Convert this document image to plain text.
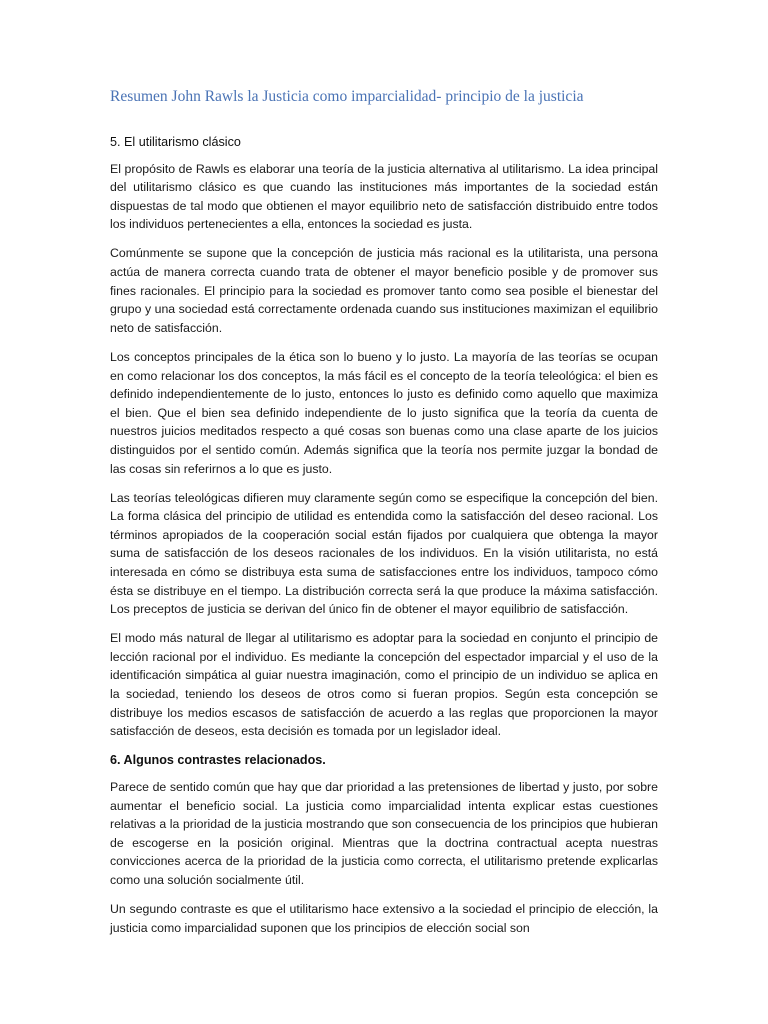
Resumen John Rawls la Justicia como imparcialidad- principio de la justicia
5. El utilitarismo clásico

El propósito de Rawls es elaborar una teoría de la justicia alternativa al utilitarismo. La idea principal del utilitarismo clásico es que cuando las instituciones más importantes de la sociedad están dispuestas de tal modo que obtienen el mayor equilibrio neto de satisfacción distribuido entre todos los individuos pertenecientes a ella, entonces la sociedad es justa.

Comúnmente se supone que la concepción de justicia más racional es la utilitarista, una persona actúa de manera correcta cuando trata de obtener el mayor beneficio posible y de promover sus fines racionales. El principio para la sociedad es promover tanto como sea posible el bienestar del grupo y una sociedad está correctamente ordenada cuando sus instituciones maximizan el equilibrio neto de satisfacción.

Los conceptos principales de la ética son lo bueno y lo justo. La mayoría de las teorías se ocupan en como relacionar los dos conceptos, la más fácil es el concepto de la teoría teleológica: el bien es definido independientemente de lo justo, entonces lo justo es definido como aquello que maximiza el bien. Que el bien sea definido independiente de lo justo significa que la teoría da cuenta de nuestros juicios meditados respecto a qué cosas son buenas como una clase aparte de los juicios distinguidos por el sentido común. Además significa que la teoría nos permite juzgar la bondad de las cosas sin referirnos a lo que es justo.

Las teorías teleológicas difieren muy claramente según como se especifique la concepción del bien. La forma clásica del principio de utilidad es entendida como la satisfacción del deseo racional. Los términos apropiados de la cooperación social están fijados por cualquiera que obtenga la mayor suma de satisfacción de los deseos racionales de los individuos. En la visión utilitarista, no está interesada en cómo se distribuya esta suma de satisfacciones entre los individuos, tampoco cómo ésta se distribuye en el tiempo. La distribución correcta será la que produce la máxima satisfacción. Los preceptos de justicia se derivan del único fin de obtener el mayor equilibrio de satisfacción.

El modo más natural de llegar al utilitarismo es adoptar para la sociedad en conjunto el principio de lección racional por el individuo. Es mediante la concepción del espectador imparcial y el uso de la identificación simpática al guiar nuestra imaginación, como el principio de un individuo se aplica en la sociedad, teniendo los deseos de otros como si fueran propios. Según esta concepción se distribuye los medios escasos de satisfacción de acuerdo a las reglas que proporcionen la mayor satisfacción de deseos, esta decisión es tomada por un legislador ideal.

6. Algunos contrastes relacionados.

Parece de sentido común que hay que dar prioridad a las pretensiones de libertad y justo, por sobre aumentar el beneficio social. La justicia como imparcialidad intenta explicar estas cuestiones relativas a la prioridad de la justicia mostrando que son consecuencia de los principios que hubieran de escogerse en la posición original. Mientras que la doctrina contractual acepta nuestras convicciones acerca de la prioridad de la justicia como correcta, el utilitarismo pretende explicarlas como una solución socialmente útil.

Un segundo contraste es que el utilitarismo hace extensivo a la sociedad el principio de elección, la justicia como imparcialidad suponen que los principios de elección social son
